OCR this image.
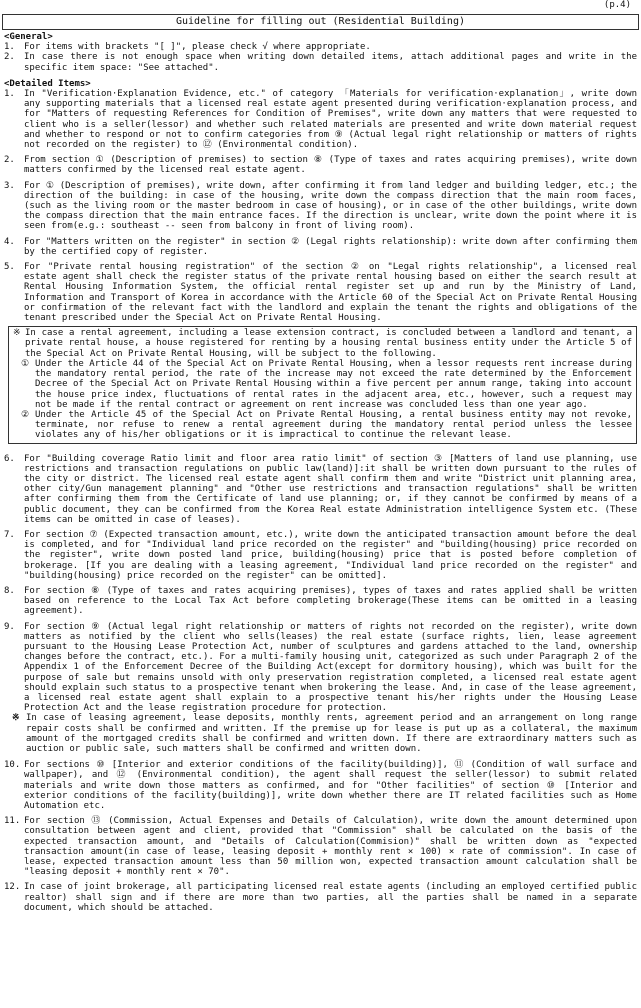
(p.4)
Guideline for filling out (Residential Building)
<General>
1.	For items with brackets "[ ]", please check √ where appropriate.
2.	In case there is not enough space when writing down detailed items, attach additional pages and write in the specific item space: "See attached".
<Detailed Items>
1.	In "Verification·Explanation Evidence, etc." of category 「Materials for verification·explanation」, write down any supporting materials that a licensed real estate agent presented during verification·explanation process, and for "Matters of requesting References for Condition of Premises", write down any matters that were requested to client who is a seller(lessor) and whether such related materials are presented and write down material request and whether to respond or not to confirm categories from ⑨ (Actual legal right relationship or matters of rights not recorded on the register) to ⑫ (Environmental condition).
2.	From section ① (Description of premises) to section ⑧ (Type of taxes and rates acquiring premises), write down matters confirmed by the licensed real estate agent.
3.	For ① (Description of premises), write down, after confirming it from land ledger and building ledger, etc.; the direction of the building: in case of the housing, write down the compass direction that the main room faces,(such as the living room or the master bedroom in case of housing), or in case of the other buildings, write down the compass direction that the main entrance faces. If the direction is unclear, write down the point where it is seen from(e.g.: southeast -- seen from balcony in front of living room).
4.	For "Matters written on the register" in section ② (Legal rights relationship): write down after confirming them by the certified copy of register.
5.	For "Private rental housing registration" of the section ② on "Legal rights relationship", a licensed real estate agent shall check the register status of the private rental housing based on either the search result at Rental Housing Information System, the official rental register set up and run by the Ministry of Land, Information and Transport of Korea in accordance with the Article 60 of the Special Act on Private Rental Housing or confirmation of the relevant fact with the landlord and explain the tenant the rights and obligations of the tenant prescribed under the Special Act on Private Rental Housing.
※ In case a rental agreement, including a lease extension contract, is concluded between a landlord and tenant, a private rental house, a house registered for renting by a housing rental business entity under the Article 5 of the Special Act on Private Rental Housing, will be subject to the following.
① Under the Article 44 of the Special Act on Private Rental Housing, when a lessor requests rent increase during the mandatory rental period, the rate of the increase may not exceed the rate determined by the Enforcement Decree of the Special Act on Private Rental Housing within a five percent per annum range, taking into account the house price index, fluctuations of rental rates in the adjacent area, etc., however, such a request may not be made if the rental contract or agreement on rent increase was concluded less than one year ago.
② Under the Article 45 of the Special Act on Private Rental Housing, a rental business entity may not revoke, terminate, nor refuse to renew a rental agreement during the mandatory rental period unless the lessee violates any of his/her obligations or it is impractical to continue the relevant lease.
6.	For "Building coverage Ratio limit and floor area ratio limit" of section ③ [Matters of land use planning, use restrictions and transaction regulations on public law(land)]:it shall be written down pursuant to the rules of the city or district. The licensed real estate agent shall confirm them and write "District unit planning area, other city/Gun management planning" and "Other use restrictions and transaction regulations" shall be written after confirming them from the Certificate of land use planning; or, if they cannot be confirmed by means of a public document, they can be confirmed from the Korea Real estate Administration intelligence System etc. (These items can be omitted in case of leases).
7.	For section ⑦ (Expected transaction amount, etc.), write down the anticipated transaction amount before the deal is completed, and for "Individual land price recorded on the register" and "building(housing) price recorded on the register", write down posted land price, building(housing) price that is posted before completion of brokerage. [If you are dealing with a leasing agreement, "Individual land price recorded on the register" and "building(housing) price recorded on the register" can be omitted].
8.	For section ⑧ (Type of taxes and rates acquiring premises), types of taxes and rates applied shall be written based on reference to the Local Tax Act before completing brokerage(These items can be omitted in a leasing agreement).
9.	For section ⑨ (Actual legal right relationship or matters of rights not recorded on the register), write down matters as notified by the client who sells(leases) the real estate (surface rights, lien, lease agreement pursuant to the Housing Lease Protection Act, number of sculptures and gardens attached to the land, ownership changes before the contract, etc.). For a multi-family housing unit, categorized as such under Paragraph 2 of the Appendix 1 of the Enforcement Decree of the Building Act(except for dormitory housing), which was built for the purpose of sale but remains unsold with only preservation registration completed, a licensed real estate agent should explain such status to a prospective tenant when brokering the lease. And, in case of the lease agreement, a licensed real estate agent shall explain to a prospective tenant his/her rights under the Housing Lease Protection Act and the lease registration procedure for protection.
※ In case of leasing agreement, lease deposits, monthly rents, agreement period and an arrangement on long range repair costs shall be confirmed and written. If the premise up for lease is put up as a collateral, the maximum amount of the mortgaged credits shall be confirmed and written down. If there are extraordinary matters such as auction or public sale, such matters shall be confirmed and written down.
10. For sections ⑩ [Interior and exterior conditions of the facility(building)], ⑪ (Condition of wall surface and wallpaper), and ⑫ (Environmental condition), the agent shall request the seller(lessor) to submit related materials and write down those matters as confirmed, and for "Other facilities" of section ⑩ [Interior and exterior conditions of the facility(building)], write down whether there are IT related facilities such as Home Automation etc.
11. For section ⑬ (Commission, Actual Expenses and Details of Calculation), write down the amount determined upon consultation between agent and client, provided that "Commission" shall be calculated on the basis of the expected transaction amount, and "Details of Calculation(Commision)" shall be written down as "expected transaction amount(in case of lease, leasing deposit + monthly rent × 100) × rate of commission". In case of lease, expected transaction amount less than 50 million won, expected transaction amount calculation shall be "leasing deposit + monthly rent × 70".
12. In case of joint brokerage, all participating licensed real estate agents (including an employed certified public realtor) shall sign and if there are more than two parties, all the parties shall be named in a separate document, which should be attached.
